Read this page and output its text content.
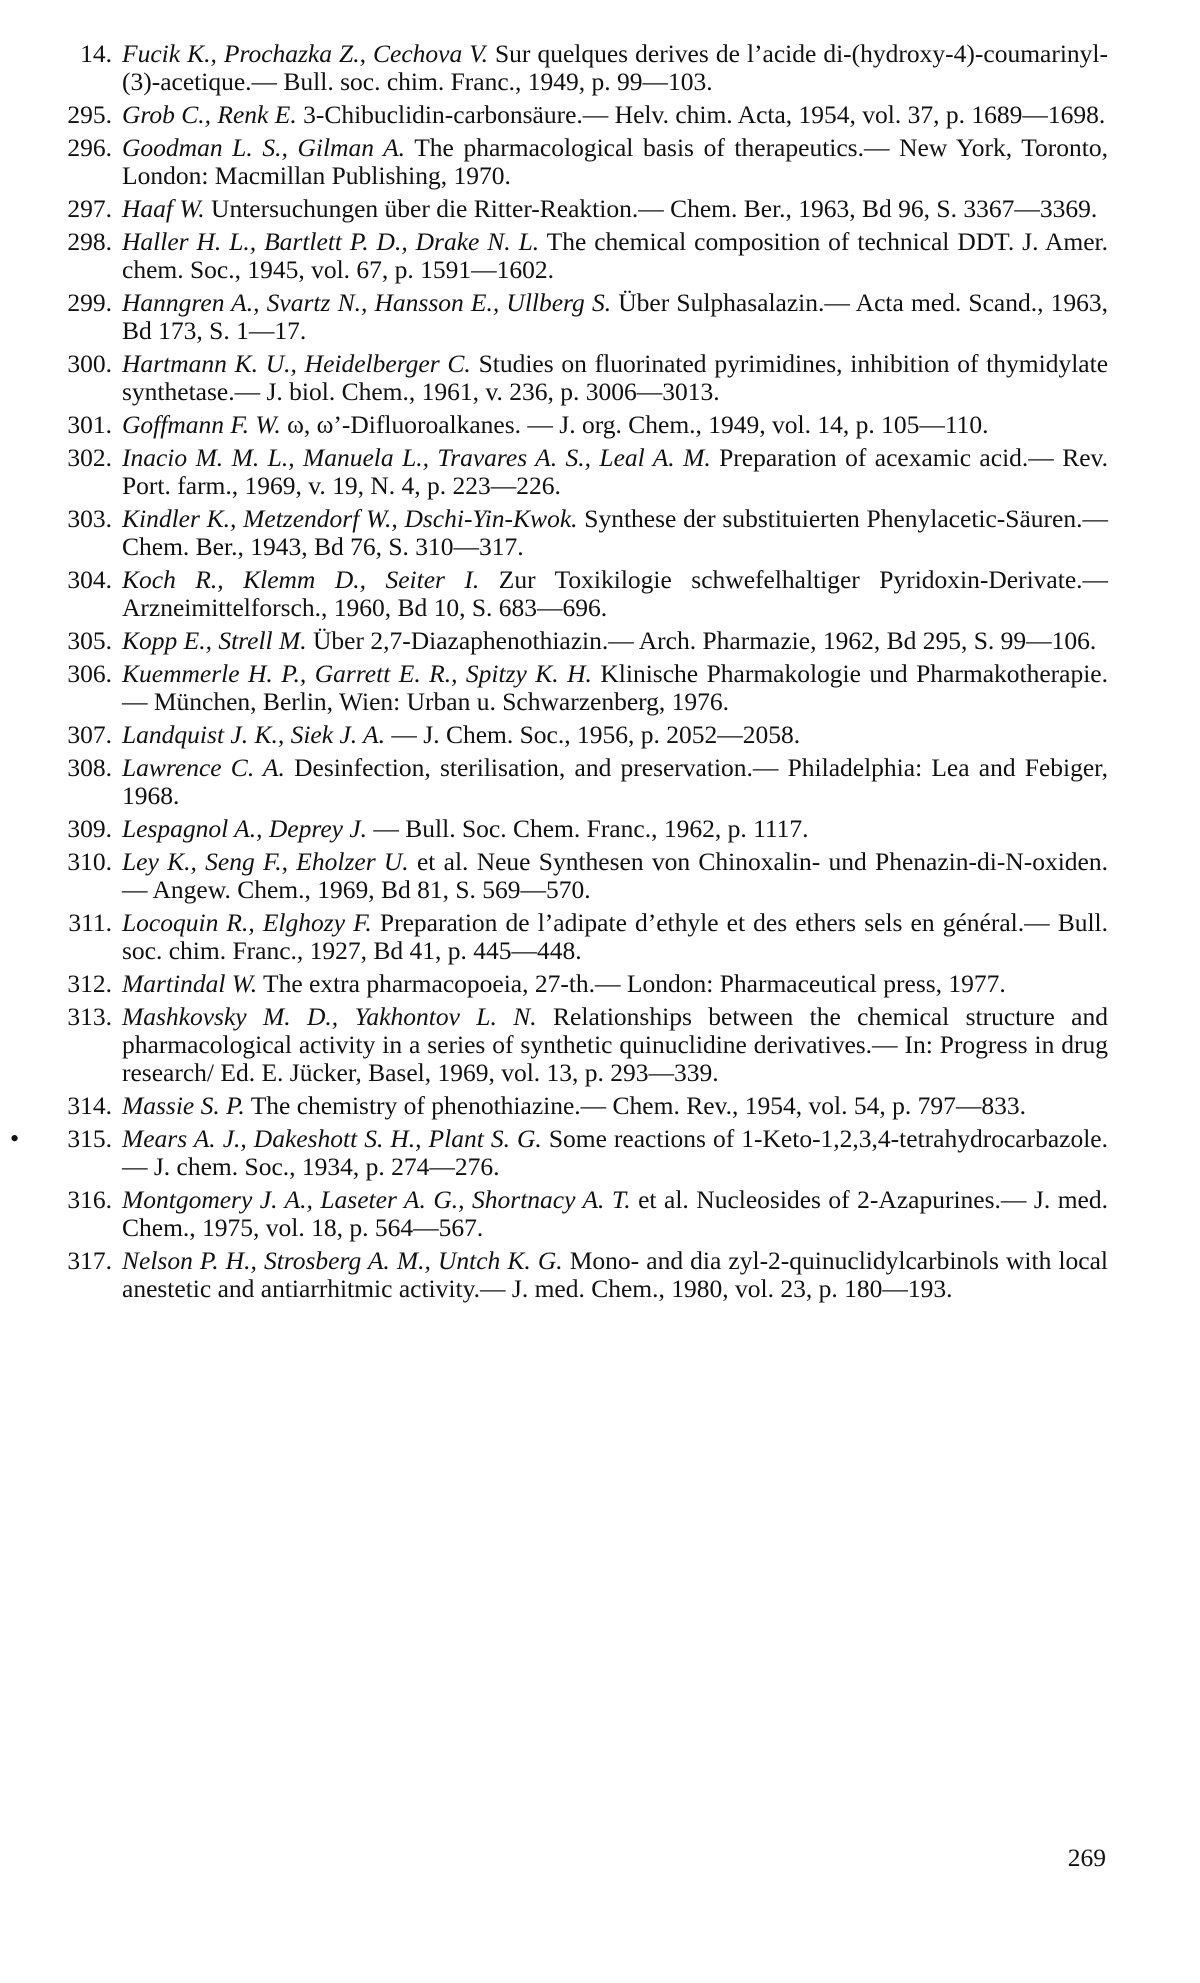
14. Fucik K., Prochazka Z., Cechova V. Sur quelques derives de l’acide di-(hydroxy-4)-coumarinyl-(3)-acetique.— Bull. soc. chim. Franc., 1949, p. 99—103.
295. Grob C., Renk E. 3-Chibuclidin-carbonsäure.— Helv. chim. Acta, 1954, vol. 37, p. 1689—1698.
296. Goodman L. S., Gilman A. The pharmacological basis of therapeutics.— New York, Toronto, London: Macmillan Publishing, 1970.
297. Haaf W. Untersuchungen über die Ritter-Reaktion.— Chem. Ber., 1963, Bd 96, S. 3367—3369.
298. Haller H. L., Bartlett P. D., Drake N. L. The chemical composition of technical DDT. J. Amer. chem. Soc., 1945, vol. 67, p. 1591—1602.
299. Hanngren A., Svartz N., Hansson E., Ullberg S. Über Sulphasalazin.— Acta med. Scand., 1963, Bd 173, S. 1—17.
300. Hartmann K. U., Heidelberger C. Studies on fluorinated pyrimidines, inhibition of thymidylate synthetase.— J. biol. Chem., 1961, v. 236, p. 3006—3013.
301. Goffmann F. W. ω, ω’-Difluoroalkanes. — J. org. Chem., 1949, vol. 14, p. 105—110.
302. Inacio M. M. L., Manuela L., Travares A. S., Leal A. M. Preparation of acexamic acid.— Rev. Port. farm., 1969, v. 19, N. 4, p. 223—226.
303. Kindler K., Metzendorf W., Dschi-Yin-Kwok. Synthese der substituierten Phenylacetic-Säuren.— Chem. Ber., 1943, Bd 76, S. 310—317.
304. Koch R., Klemm D., Seiter I. Zur Toxikilogie schwefelhaltiger Pyridoxin-Derivate.— Arzneimittelforsch., 1960, Bd 10, S. 683—696.
305. Kopp E., Strell M. Über 2,7-Diazaphenothiazin.— Arch. Pharmazie, 1962, Bd 295, S. 99—106.
306. Kuemmerle H. P., Garrett E. R., Spitzy K. H. Klinische Pharmakologie und Pharmakotherapie.— München, Berlin, Wien: Urban u. Schwarzenberg, 1976.
307. Landquist J. K., Siek J. A. — J. Chem. Soc., 1956, p. 2052—2058.
308. Lawrence C. A. Desinfection, sterilisation, and preservation.— Philadelphia: Lea and Febiger, 1968.
309. Lespagnol A., Deprey J. — Bull. Soc. Chem. Franc., 1962, p. 1117.
310. Ley K., Seng F., Eholzer U. et al. Neue Synthesen von Chinoxalin- und Phenazin-di-N-oxiden.— Angew. Chem., 1969, Bd 81, S. 569—570.
311. Locoquin R., Elghozy F. Preparation de l’adipate d’ethyle et des ethers sels en général.— Bull. soc. chim. Franc., 1927, Bd 41, p. 445—448.
312. Martindal W. The extra pharmacopoeia, 27-th.— London: Pharmaceutical press, 1977.
313. Mashkovsky M. D., Yakhontov L. N. Relationships between the chemical structure and pharmacological activity in a series of synthetic quinuclidine derivatives.— In: Progress in drug research/ Ed. E. Jücker, Basel, 1969, vol. 13, p. 293—339.
314. Massie S. P. The chemistry of phenothiazine.— Chem. Rev., 1954, vol. 54, p. 797—833.
315. Mears A. J., Dakeshott S. H., Plant S. G. Some reactions of 1-Keto-1,2,3,4-tetrahydrocarbazole.— J. chem. Soc., 1934, p. 274—276.
316. Montgomery J. A., Laseter A. G., Shortnacy A. T. et al. Nucleosides of 2-Azapurines.— J. med. Chem., 1975, vol. 18, p. 564—567.
317. Nelson P. H., Strosberg A. M., Untch K. G. Mono- and dia zyl-2-quinuclidylcarbinols with local anestetic and antiarrhitmic activity.— J. med. Chem., 1980, vol. 23, p. 180—193.
•
269
